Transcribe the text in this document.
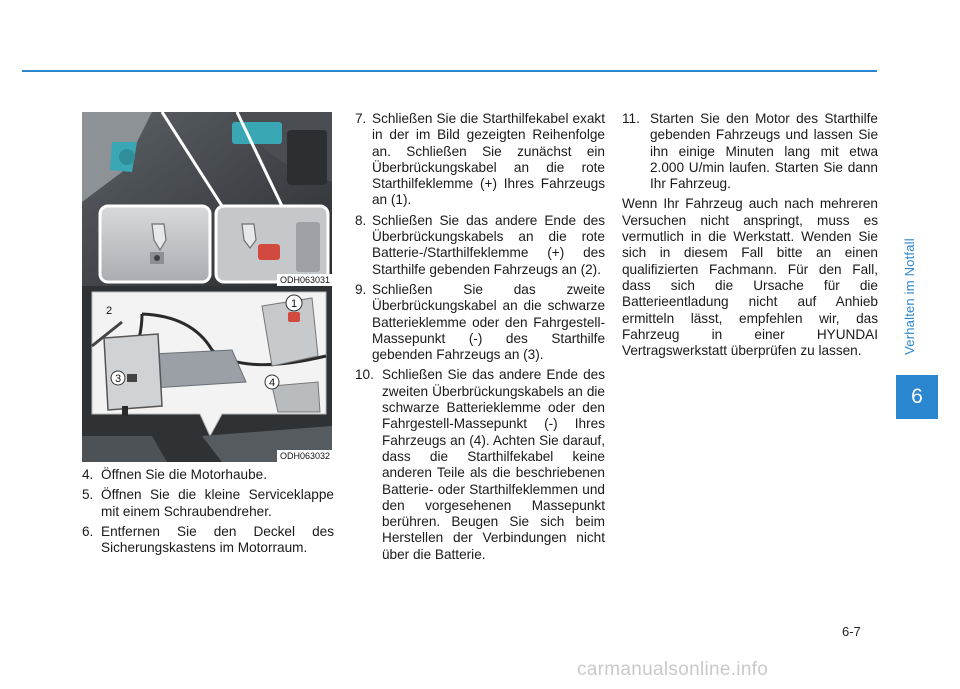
Verhalten im Notfall
6
ODH063031
1
2
3	4
ODH063032
4. Öffnen Sie die Motorhaube.
5. Öffnen Sie die kleine Serviceklappe mit einem Schraubendreher.
6. Entfernen Sie den Deckel des Sicherungskastens im Motorraum.
7. Schließen Sie die Starthilfekabel exakt in der im Bild gezeigten Reihenfolge an. Schließen Sie zunächst ein Überbrückungskabel an die rote Starthilfeklemme (+) Ihres Fahrzeugs an (1).
8. Schließen Sie das andere Ende des Überbrückungskabels an die rote Batterie-/Starthilfeklemme (+) des Starthilfe gebenden Fahrzeugs an (2).
9. Schließen Sie das zweite Überbrückungskabel an die schwarze Batterieklemme oder den Fahrgestell-Massepunkt (-) des Starthilfe gebenden Fahrzeugs an (3).
10. Schließen Sie das andere Ende des zweiten Überbrückungskabels an die schwarze Batterieklemme oder den Fahrgestell-Massepunkt (-) Ihres Fahrzeugs an (4). Achten Sie darauf, dass die Starthilfekabel keine anderen Teile als die beschriebenen Batterie- oder Starthilfeklemmen und den vorgesehenen Massepunkt berühren. Beugen Sie sich beim Herstellen der Verbindungen nicht über die Batterie.
11. Starten Sie den Motor des Starthilfe gebenden Fahrzeugs und lassen Sie ihn einige Minuten lang mit etwa 2.000 U/min laufen. Starten Sie dann Ihr Fahrzeug.

Wenn Ihr Fahrzeug auch nach mehreren Versuchen nicht anspringt, muss es vermutlich in die Werkstatt. Wenden Sie sich in diesem Fall bitte an einen qualifizierten Fachmann. Für den Fall, dass sich die Ursache für die Batterieentladung nicht auf Anhieb ermitteln lässt, empfehlen wir, das Fahrzeug in einer HYUNDAI Vertragswerkstatt überprüfen zu lassen.

6-7
carmanualsonline.info
